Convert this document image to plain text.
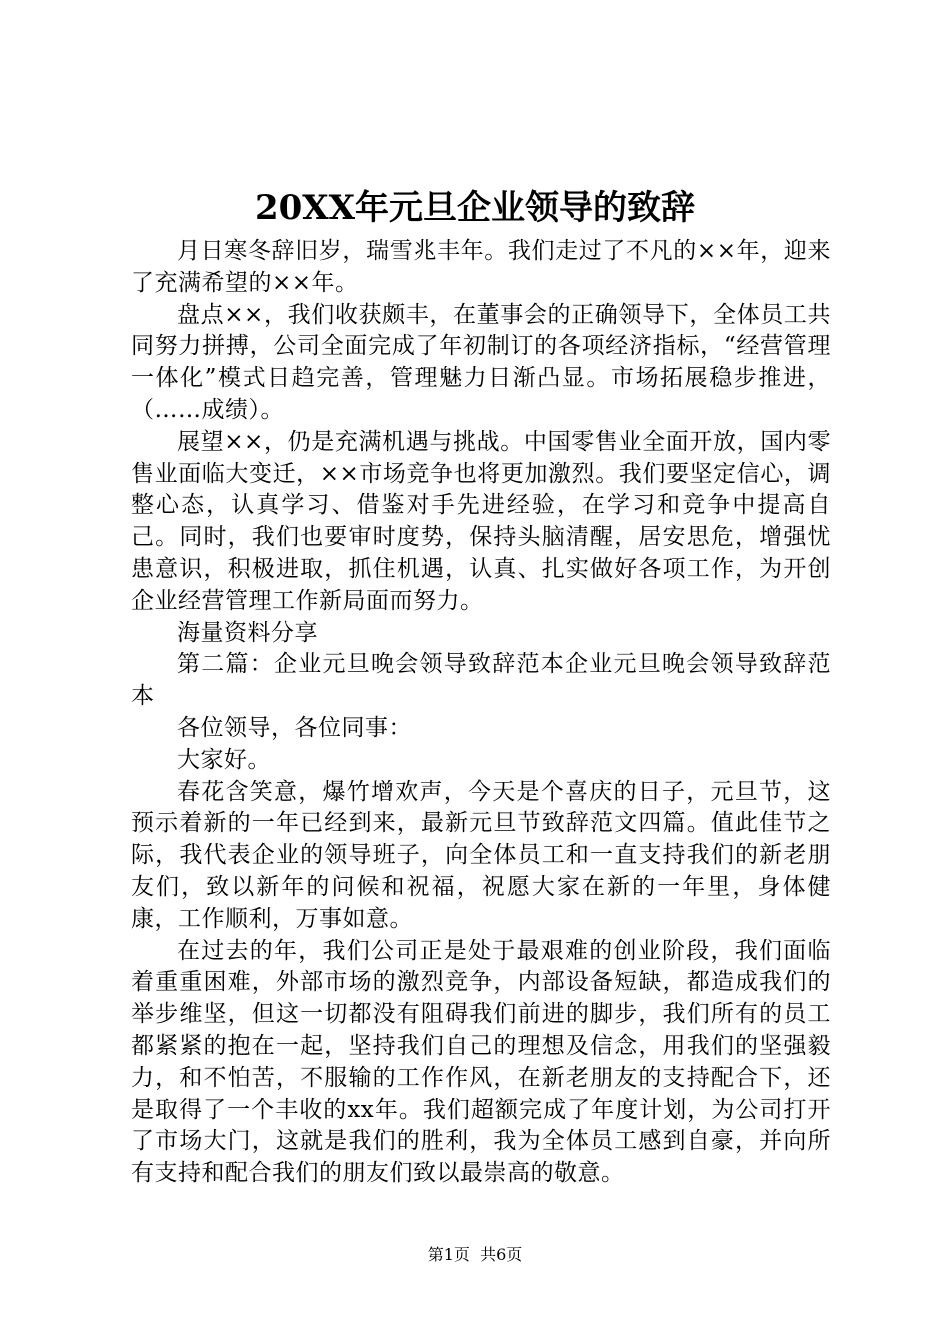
20XX年元旦企业领导的致辞

月日寒冬辞旧岁，瑞雪兆丰年。我们走过了不凡的××年，迎来了充满希望的××年。

盘点××，我们收获颇丰，在董事会的正确领导下，全体员工共同努力拼搏，公司全面完成了年初制订的各项经济指标，“经营管理一体化”模式日趋完善，管理魅力日渐凸显。市场拓展稳步推进，（……成绩）。

展望××，仍是充满机遇与挑战。中国零售业全面开放，国内零售业面临大变迁，××市场竞争也将更加激烈。我们要坚定信心，调整心态，认真学习、借鉴对手先进经验，在学习和竞争中提高自己。同时，我们也要审时度势，保持头脑清醒，居安思危，增强忧患意识，积极进取，抓住机遇，认真、扎实做好各项工作，为开创企业经营管理工作新局面而努力。

海量资料分享

第二篇：企业元旦晚会领导致辞范本企业元旦晚会领导致辞范本

各位领导，各位同事：

大家好。

春花含笑意，爆竹增欢声，今天是个喜庆的日子，元旦节，这预示着新的一年已经到来，最新元旦节致辞范文四篇。值此佳节之际，我代表企业的领导班子，向全体员工和一直支持我们的新老朋友们，致以新年的问候和祝福，祝愿大家在新的一年里，身体健康，工作顺利，万事如意。

在过去的年，我们公司正是处于最艰难的创业阶段，我们面临着重重困难，外部市场的激烈竞争，内部设备短缺，都造成我们的举步维坚，但这一切都没有阻碍我们前进的脚步，我们所有的员工都紧紧的抱在一起，坚持我们自己的理想及信念，用我们的坚强毅力，和不怕苦，不服输的工作作风，在新老朋友的支持配合下，还是取得了一个丰收的xx年。我们超额完成了年度计划，为公司打开了市场大门，这就是我们的胜利，我为全体员工感到自豪，并向所有支持和配合我们的朋友们致以最崇高的敬意。

第1页 共6页
